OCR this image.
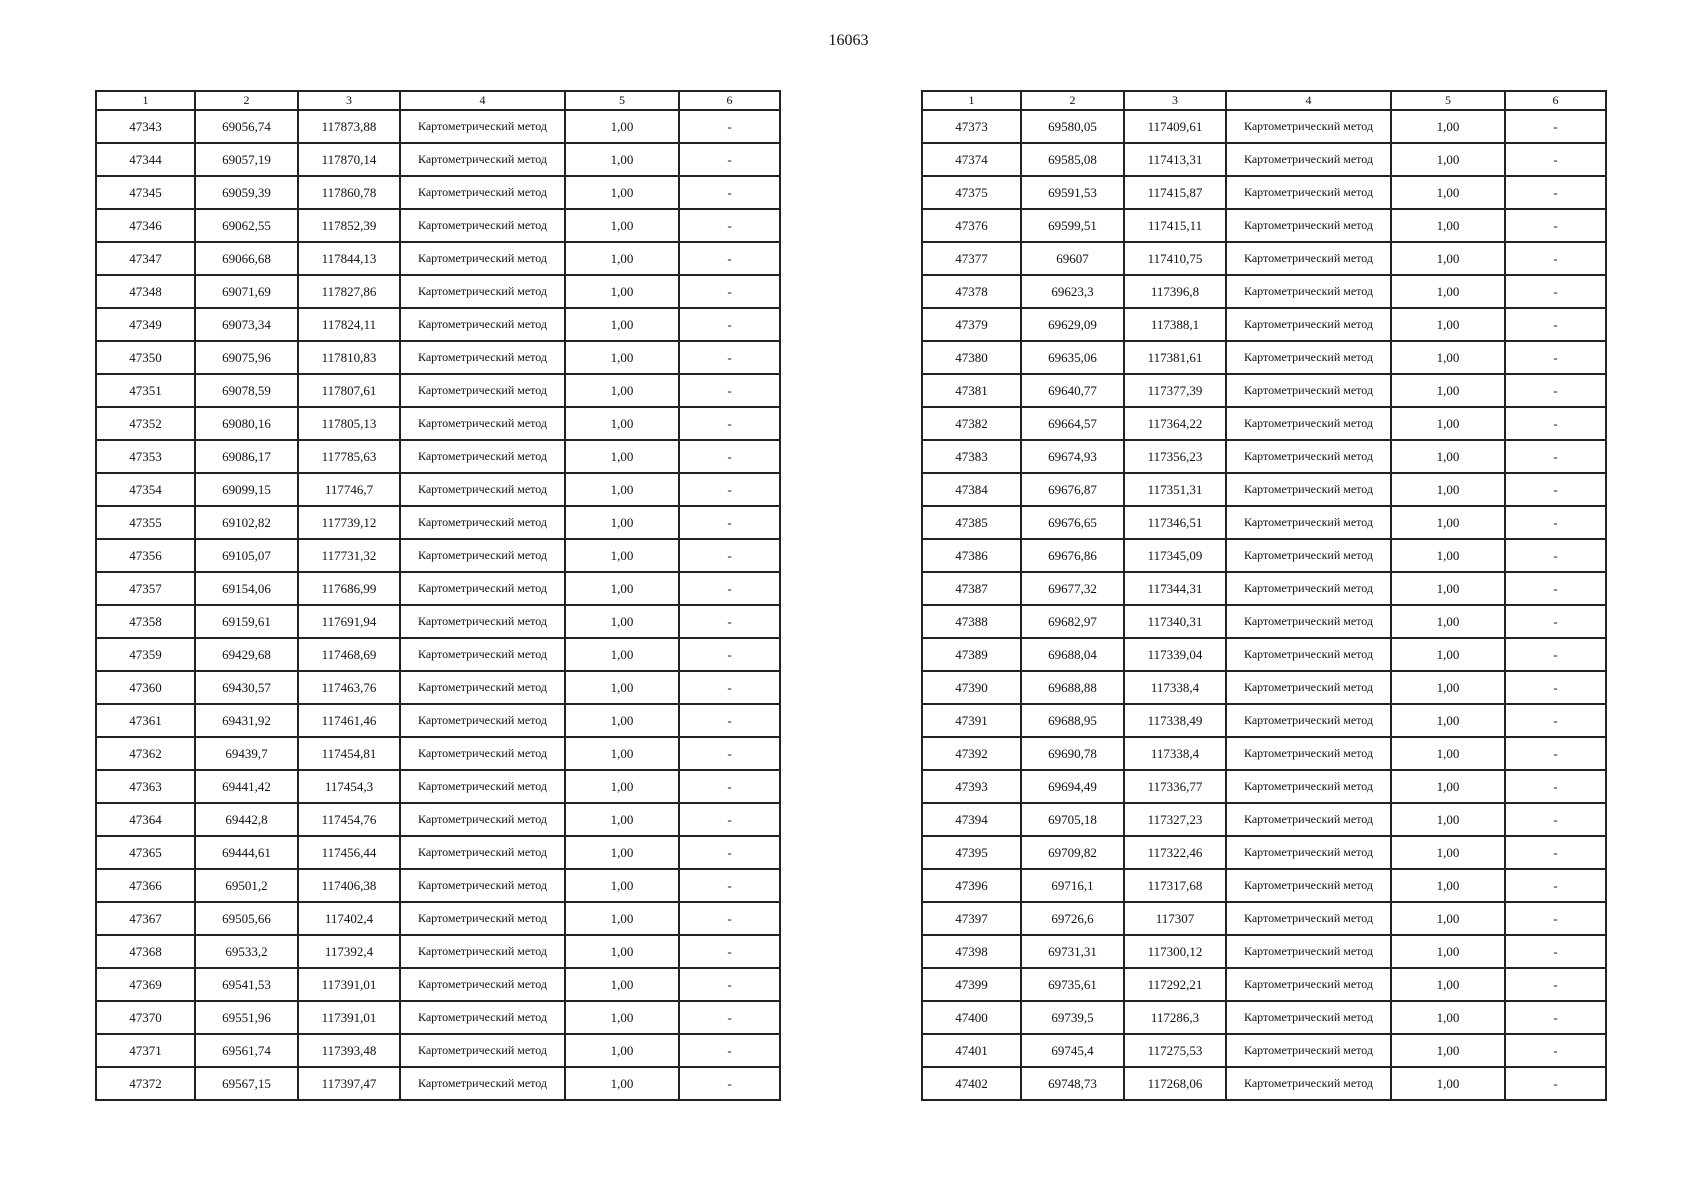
16063
1	2	3	4	5	6
47343	69056,74	117873,88	Картометрический метод	1,00	-
47344	69057,19	117870,14	Картометрический метод	1,00	-
47345	69059,39	117860,78	Картометрический метод	1,00	-
47346	69062,55	117852,39	Картометрический метод	1,00	-
47347	69066,68	117844,13	Картометрический метод	1,00	-
47348	69071,69	117827,86	Картометрический метод	1,00	-
47349	69073,34	117824,11	Картометрический метод	1,00	-
47350	69075,96	117810,83	Картометрический метод	1,00	-
47351	69078,59	117807,61	Картометрический метод	1,00	-
47352	69080,16	117805,13	Картометрический метод	1,00	-
47353	69086,17	117785,63	Картометрический метод	1,00	-
47354	69099,15	117746,7	Картометрический метод	1,00	-
47355	69102,82	117739,12	Картометрический метод	1,00	-
47356	69105,07	117731,32	Картометрический метод	1,00	-
47357	69154,06	117686,99	Картометрический метод	1,00	-
47358	69159,61	117691,94	Картометрический метод	1,00	-
47359	69429,68	117468,69	Картометрический метод	1,00	-
47360	69430,57	117463,76	Картометрический метод	1,00	-
47361	69431,92	117461,46	Картометрический метод	1,00	-
47362	69439,7	117454,81	Картометрический метод	1,00	-
47363	69441,42	117454,3	Картометрический метод	1,00	-
47364	69442,8	117454,76	Картометрический метод	1,00	-
47365	69444,61	117456,44	Картометрический метод	1,00	-
47366	69501,2	117406,38	Картометрический метод	1,00	-
47367	69505,66	117402,4	Картометрический метод	1,00	-
47368	69533,2	117392,4	Картометрический метод	1,00	-
47369	69541,53	117391,01	Картометрический метод	1,00	-
47370	69551,96	117391,01	Картометрический метод	1,00	-
47371	69561,74	117393,48	Картометрический метод	1,00	-
47372	69567,15	117397,47	Картометрический метод	1,00	-
1	2	3	4	5	6
47373	69580,05	117409,61	Картометрический метод	1,00	-
47374	69585,08	117413,31	Картометрический метод	1,00	-
47375	69591,53	117415,87	Картометрический метод	1,00	-
47376	69599,51	117415,11	Картометрический метод	1,00	-
47377	69607	117410,75	Картометрический метод	1,00	-
47378	69623,3	117396,8	Картометрический метод	1,00	-
47379	69629,09	117388,1	Картометрический метод	1,00	-
47380	69635,06	117381,61	Картометрический метод	1,00	-
47381	69640,77	117377,39	Картометрический метод	1,00	-
47382	69664,57	117364,22	Картометрический метод	1,00	-
47383	69674,93	117356,23	Картометрический метод	1,00	-
47384	69676,87	117351,31	Картометрический метод	1,00	-
47385	69676,65	117346,51	Картометрический метод	1,00	-
47386	69676,86	117345,09	Картометрический метод	1,00	-
47387	69677,32	117344,31	Картометрический метод	1,00	-
47388	69682,97	117340,31	Картометрический метод	1,00	-
47389	69688,04	117339,04	Картометрический метод	1,00	-
47390	69688,88	117338,4	Картометрический метод	1,00	-
47391	69688,95	117338,49	Картометрический метод	1,00	-
47392	69690,78	117338,4	Картометрический метод	1,00	-
47393	69694,49	117336,77	Картометрический метод	1,00	-
47394	69705,18	117327,23	Картометрический метод	1,00	-
47395	69709,82	117322,46	Картометрический метод	1,00	-
47396	69716,1	117317,68	Картометрический метод	1,00	-
47397	69726,6	117307	Картометрический метод	1,00	-
47398	69731,31	117300,12	Картометрический метод	1,00	-
47399	69735,61	117292,21	Картометрический метод	1,00	-
47400	69739,5	117286,3	Картометрический метод	1,00	-
47401	69745,4	117275,53	Картометрический метод	1,00	-
47402	69748,73	117268,06	Картометрический метод	1,00	-
